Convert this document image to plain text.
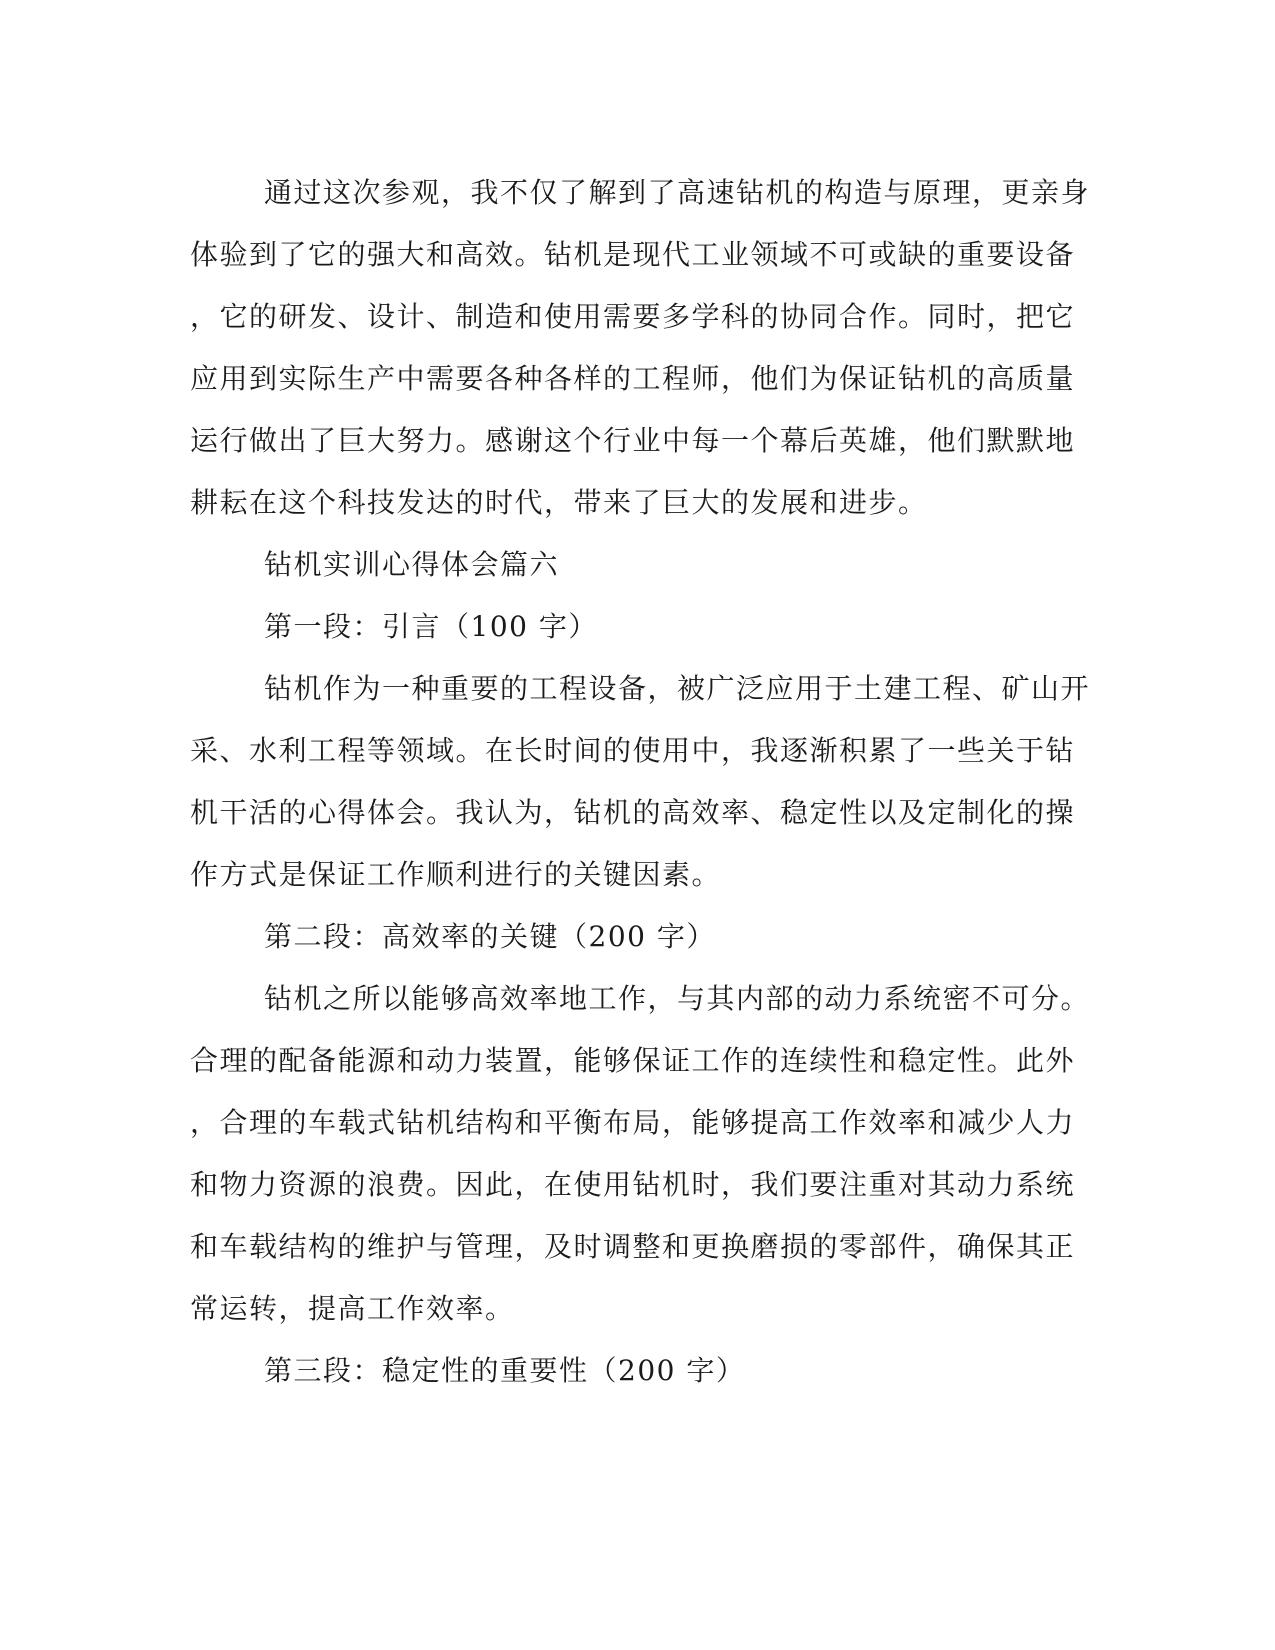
通过这次参观，我不仅了解到了高速钻机的构造与原理，更亲身

体验到了它的强大和高效。钻机是现代工业领域不可或缺的重要设备

，它的研发、设计、制造和使用需要多学科的协同合作。同时，把它

应用到实际生产中需要各种各样的工程师，他们为保证钻机的高质量

运行做出了巨大努力。感谢这个行业中每一个幕后英雄，他们默默地

耕耘在这个科技发达的时代，带来了巨大的发展和进步。

钻机实训心得体会篇六

第一段：引言（100 字）

钻机作为一种重要的工程设备，被广泛应用于土建工程、矿山开

采、水利工程等领域。在长时间的使用中，我逐渐积累了一些关于钻

机干活的心得体会。我认为，钻机的高效率、稳定性以及定制化的操

作方式是保证工作顺利进行的关键因素。

第二段：高效率的关键（200 字）

钻机之所以能够高效率地工作，与其内部的动力系统密不可分。

合理的配备能源和动力装置，能够保证工作的连续性和稳定性。此外

，合理的车载式钻机结构和平衡布局，能够提高工作效率和减少人力

和物力资源的浪费。因此，在使用钻机时，我们要注重对其动力系统

和车载结构的维护与管理，及时调整和更换磨损的零部件，确保其正

常运转，提高工作效率。

第三段：稳定性的重要性（200 字）
